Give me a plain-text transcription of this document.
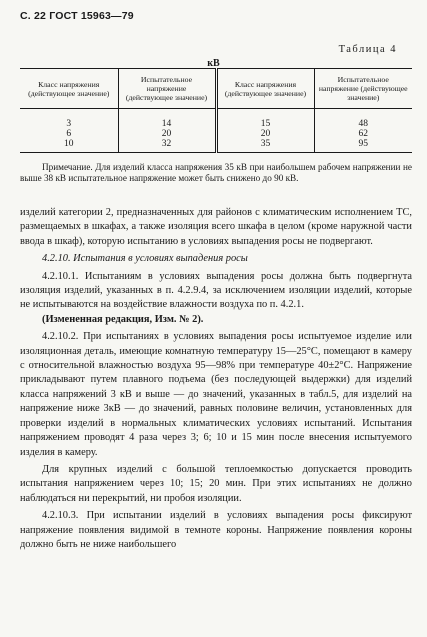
С. 22 ГОСТ 15963—79
Таблица 4
кВ
Класс напряжения (действующее значение)	Испытательное напряжение (действующее значение)	Класс напряжения (действующее значение)	Испытательное напряжение (действующее значение)
3	14	15	48
6	20	20	62
10	32	35	95
Примечание. Для изделий класса напряжения 35 кВ при наибольшем рабочем напряжении не выше 38 кВ испытательное напряжение может быть снижено до 90 кВ.

изделий категории 2, предназначенных для районов с климатическим исполнением ТС, размещаемых в шкафах, а также изоляция всего шкафа в целом (кроме наружной части ввода в шкаф), которую испытанию в условиях выпадения росы не подвергают.

4.2.10. Испытания в условиях выпадения росы

4.2.10.1. Испытаниям в условиях выпадения росы должна быть подвергнута изоляция изделий, указанных в п. 4.2.9.4, за исключением изоляции изделий, которые не испытываются на воздействие влажности воздуха по п. 4.2.1.

(Измененная редакция, Изм. № 2).

4.2.10.2. При испытаниях в условиях выпадения росы испытуемое изделие или изоляционная деталь, имеющие комнатную температуру 15—25°С, помещают в камеру с относительной влажностью воздуха 95—98% при температуре 40±2°С. Напряжение прикладывают путем плавного подъема (без последующей выдержки) для изделий класса напряжений 3 кВ и выше — до значений, указанных в табл.5, для изделий на напряжение ниже 3кВ — до значений, равных половине величин, установленных для проверки изделий в нормальных климатических условиях испытаний. Испытания напряжением проводят 4 раза через 3; 6; 10 и 15 мин после внесения испытуемого изделия в камеру.

Для крупных изделий с большой теплоемкостью допускается проводить испытания напряжением через 10; 15; 20 мин. При этих испытаниях не должно наблюдаться ни перекрытий, ни пробоя изоляции.

4.2.10.3. При испытании изделий в условиях выпадения росы фиксируют напряжение появления видимой в темноте короны. Напряжение появления короны должно быть не ниже наибольшего
